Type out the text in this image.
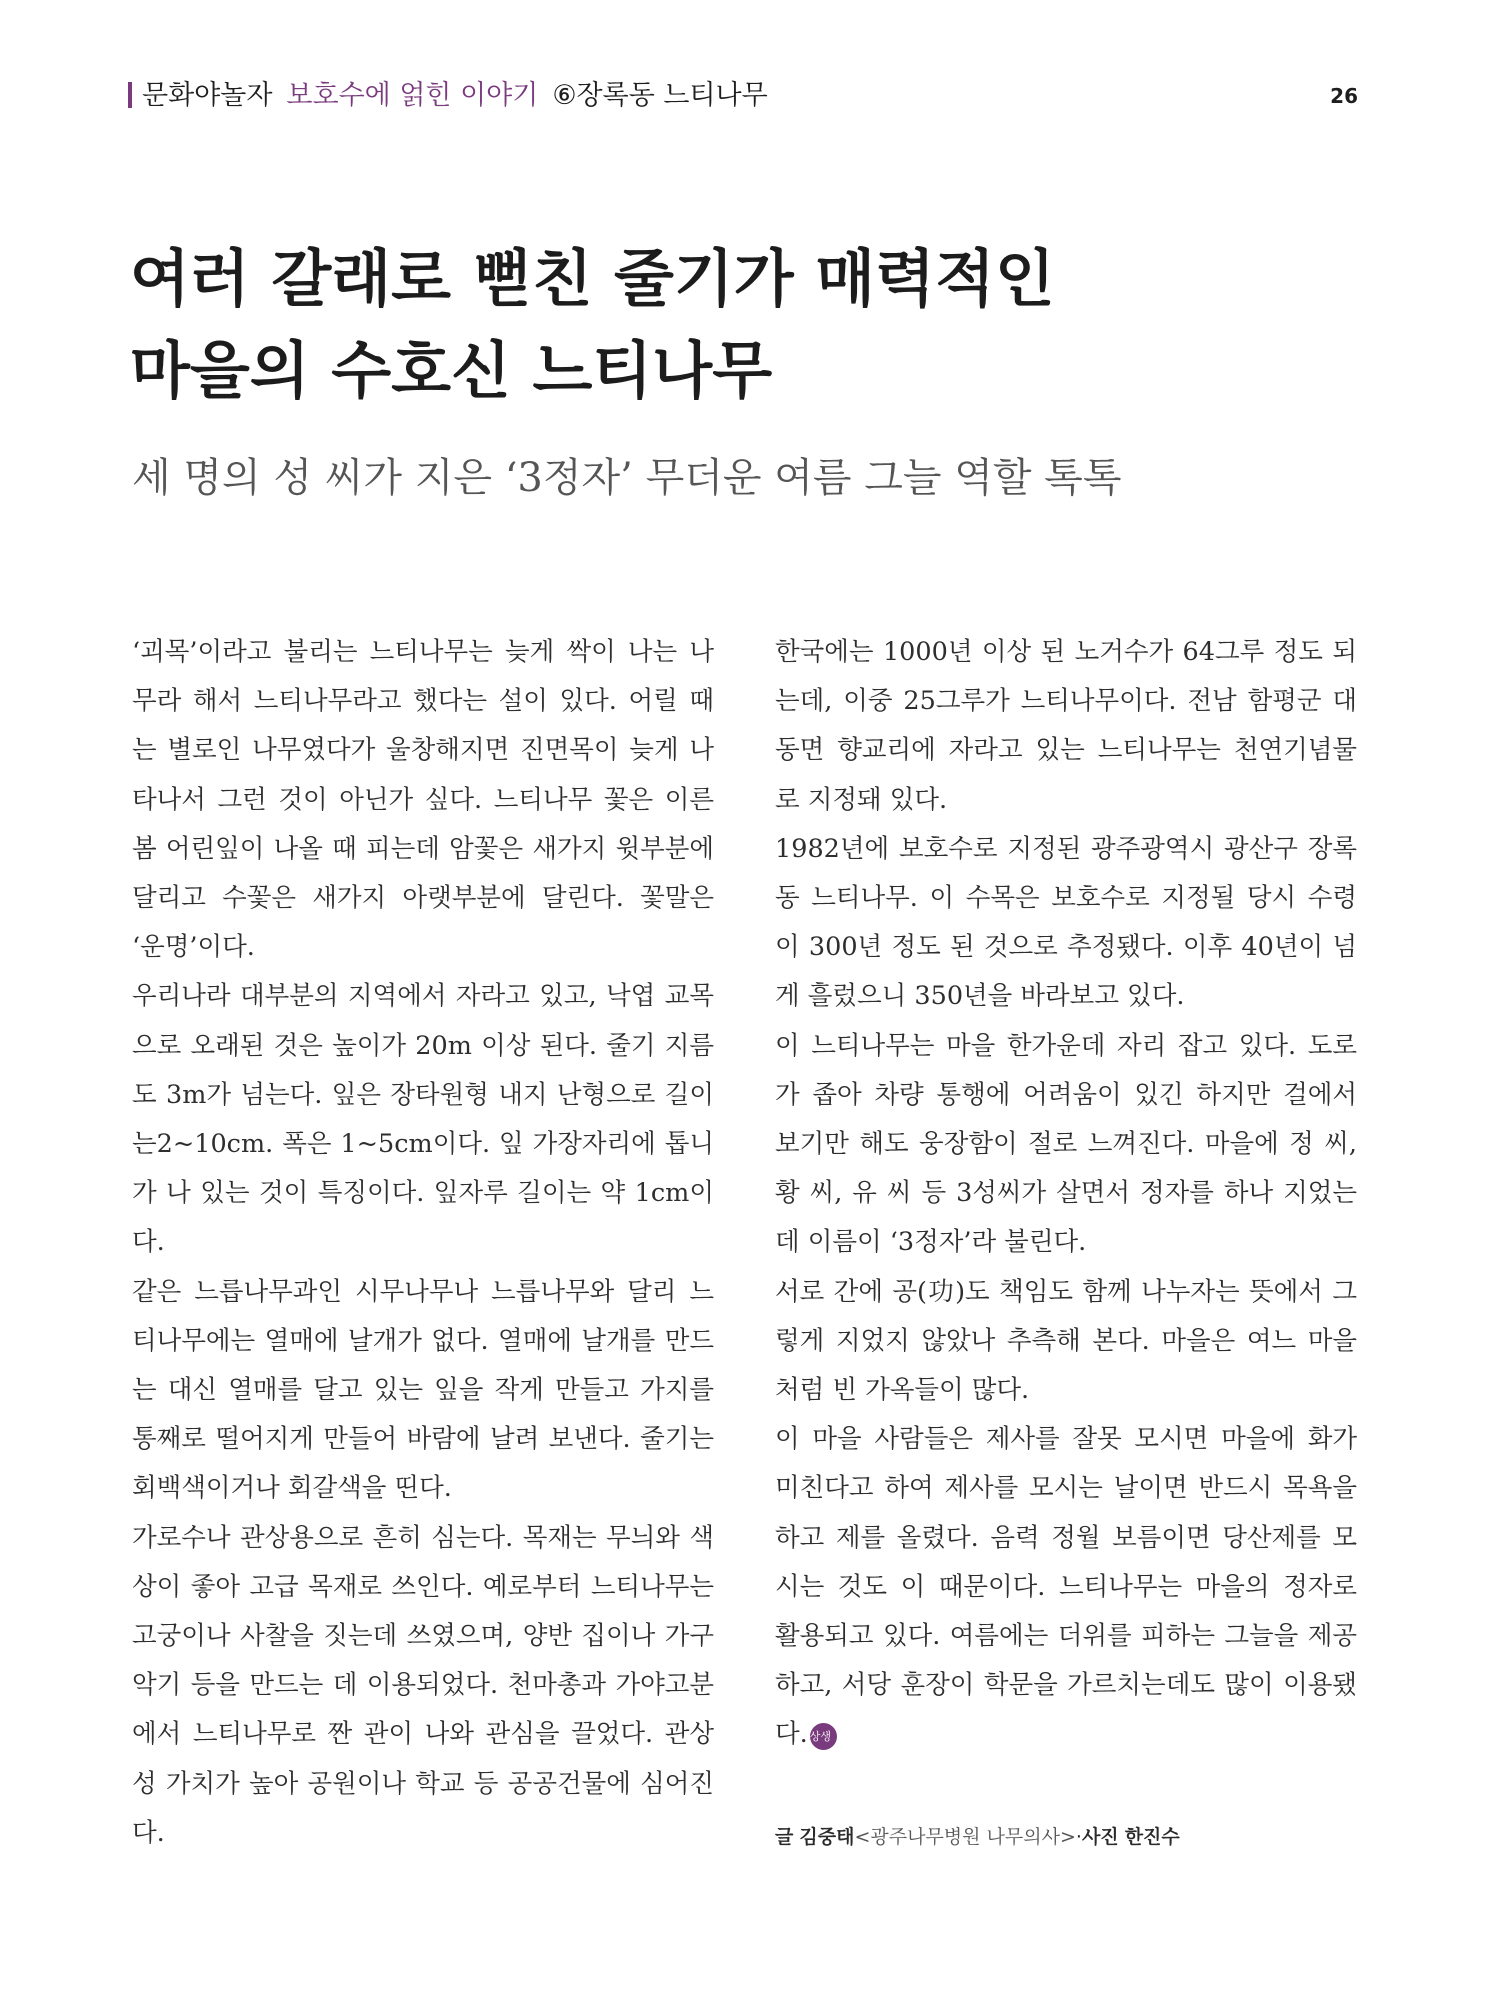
문화야놀자 보호수에 얽힌 이야기 ⑥장록동 느티나무	26
여러 갈래로 뻗친 줄기가 매력적인
마을의 수호신 느티나무
세 명의 성 씨가 지은 ‘3정자’ 무더운 여름 그늘 역할 톡톡

‘괴목’이라고 불리는 느티나무는 늦게 싹이 나는 나무라 해서 느티나무라고 했다는 설이 있다. 어릴 때는 별로인 나무였다가 울창해지면 진면목이 늦게 나타나서 그런 것이 아닌가 싶다. 느티나무 꽃은 이른 봄 어린잎이 나올 때 피는데 암꽃은 새가지 윗부분에 달리고 수꽃은 새가지 아랫부분에 달린다. 꽃말은 ‘운명’이다.

우리나라 대부분의 지역에서 자라고 있고, 낙엽 교목으로 오래된 것은 높이가 20m 이상 된다. 줄기 지름도 3m가 넘는다. 잎은 장타원형 내지 난형으로 길이는2~10cm. 폭은 1~5cm이다. 잎 가장자리에 톱니가 나 있는 것이 특징이다. 잎자루 길이는 약 1cm이다.

같은 느릅나무과인 시무나무나 느릅나무와 달리 느티나무에는 열매에 날개가 없다. 열매에 날개를 만드는 대신 열매를 달고 있는 잎을 작게 만들고 가지를 통째로 떨어지게 만들어 바람에 날려 보낸다. 줄기는 회백색이거나 회갈색을 띤다.

가로수나 관상용으로 흔히 심는다. 목재는 무늬와 색상이 좋아 고급 목재로 쓰인다. 예로부터 느티나무는 고궁이나 사찰을 짓는데 쓰였으며, 양반 집이나 가구 악기 등을 만드는 데 이용되었다. 천마총과 가야고분에서 느티나무로 짠 관이 나와 관심을 끌었다. 관상성 가치가 높아 공원이나 학교 등 공공건물에 심어진다.

한국에는 1000년 이상 된 노거수가 64그루 정도 되는데, 이중 25그루가 느티나무이다. 전남 함평군 대동면 향교리에 자라고 있는 느티나무는 천연기념물로 지정돼 있다.

1982년에 보호수로 지정된 광주광역시 광산구 장록동 느티나무. 이 수목은 보호수로 지정될 당시 수령이 300년 정도 된 것으로 추정됐다. 이후 40년이 넘게 흘렀으니 350년을 바라보고 있다.

이 느티나무는 마을 한가운데 자리 잡고 있다. 도로가 좁아 차량 통행에 어려움이 있긴 하지만 걸에서 보기만 해도 웅장함이 절로 느껴진다. 마을에 정 씨, 황 씨, 유 씨 등 3성씨가 살면서 정자를 하나 지었는데 이름이 ‘3정자’라 불린다.

서로 간에 공(功)도 책임도 함께 나누자는 뜻에서 그렇게 지었지 않았나 추측해 본다. 마을은 여느 마을처럼 빈 가옥들이 많다.

이 마을 사람들은 제사를 잘못 모시면 마을에 화가 미친다고 하여 제사를 모시는 날이면 반드시 목욕을 하고 제를 올렸다. 음력 정월 보름이면 당산제를 모시는 것도 이 때문이다. 느티나무는 마을의 정자로 활용되고 있다. 여름에는 더위를 피하는 그늘을 제공하고, 서당 훈장이 학문을 가르치는데도 많이 이용됐다. 상생

글 김중태<광주나무병원 나무의사>·사진 한진수
